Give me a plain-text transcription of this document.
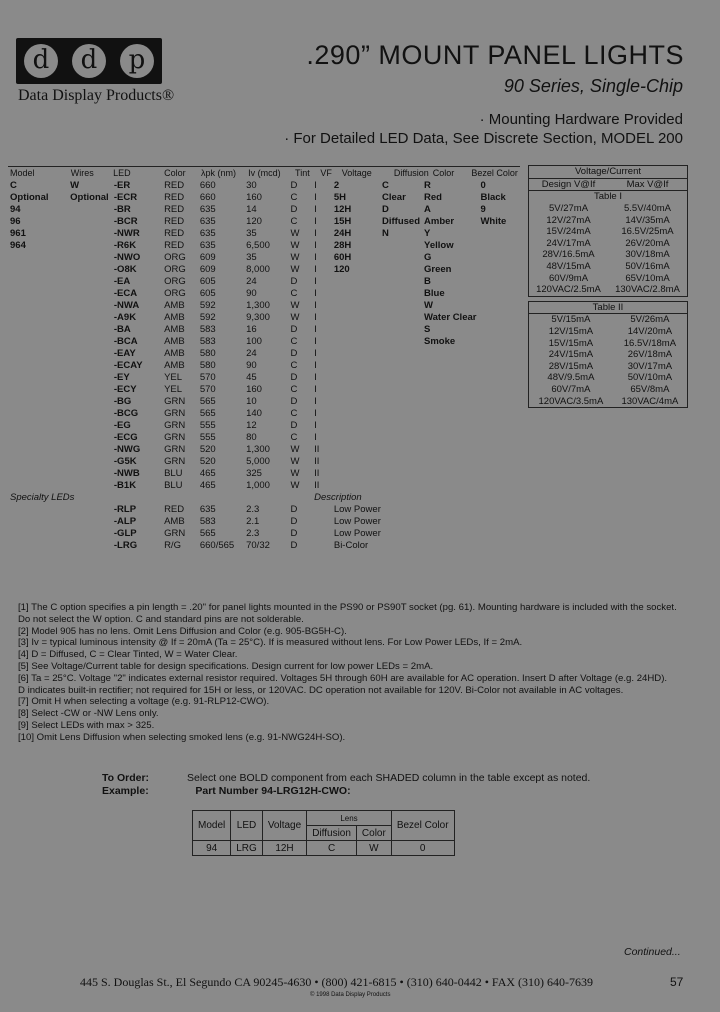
d	d	p
Data Display Products®
.290” MOUNT PANEL LIGHTS
90 Series, Single-Chip
· Mounting Hardware Provided
· For Detailed LED Data, See Discrete Section, MODEL 200
Model	Wires	LED	Color	λpk (nm)	Iv (mcd)	Tint	VF	Voltage	Diffusion	Color	Bezel Color
C	W	-ER	RED	660	30	D	I	2	C	R	0
Optional	Optional	-ECR	RED	660	160	C	I	5H	Clear	Red	Black
94		-BR	RED	635	14	D	I	12H	D	A	9
96		-BCR	RED	635	120	C	I	15H	Diffused	Amber	White
961		-NWR	RED	635	35	W	I	24H	N	Y	
964		-R6K	RED	635	6,500	W	I	28H		Yellow	
		-NWO	ORG	609	35	W	I	60H		G	
		-O8K	ORG	609	8,000	W	I	120		Green	
		-EA	ORG	605	24	D	I			B	
		-ECA	ORG	605	90	C	I			Blue	
		-NWA	AMB	592	1,300	W	I			W	
		-A9K	AMB	592	9,300	W	I			Water Clear	
		-BA	AMB	583	16	D	I			S	
		-BCA	AMB	583	100	C	I			Smoke	
		-EAY	AMB	580	24	D	I				
		-ECAY	AMB	580	90	C	I				
		-EY	YEL	570	45	D	I				
		-ECY	YEL	570	160	C	I				
		-BG	GRN	565	10	D	I				
		-BCG	GRN	565	140	C	I				
		-EG	GRN	555	12	D	I				
		-ECG	GRN	555	80	C	I				
		-NWG	GRN	520	1,300	W	II				
		-G5K	GRN	520	5,000	W	II				
		-NWB	BLU	465	325	W	II				
		-B1K	BLU	465	1,000	W	II				
Specialty LEDs							Description				
		-RLP	RED	635	2.3	D		Low Power			
		-ALP	AMB	583	2.1	D		Low Power			
		-GLP	GRN	565	2.3	D		Low Power			
		-LRG	R/G	660/565	70/32	D		Bi-Color			
Voltage/Current	
Design V@If	Max V@If
Table I	
5V/27mA	5.5V/40mA
12V/27mA	14V/35mA
15V/24mA	16.5V/25mA
24V/17mA	26V/20mA
28V/16.5mA	30V/18mA
48V/15mA	50V/16mA
60V/9mA	65V/10mA
120VAC/2.5mA	130VAC/2.8mA
Table II	
5V/15mA	5V/26mA
12V/15mA	14V/20mA
15V/15mA	16.5V/18mA
24V/15mA	26V/18mA
28V/15mA	30V/17mA
48V/9.5mA	50V/10mA
60V/7mA	65V/8mA
120VAC/3.5mA	130VAC/4mA
[1] The C option specifies a pin length = .20" for panel lights mounted in the PS90 or PS90T socket (pg. 61). Mounting hardware is included with the socket.
Do not select the W option. C and standard pins are not solderable.
[2] Model 905 has no lens. Omit Lens Diffusion and Color (e.g. 905-BG5H-C).
[3] Iv = typical luminous intensity @ If = 20mA (Ta = 25°C). If is measured without lens. For Low Power LEDs, If = 2mA.
[4] D = Diffused, C = Clear Tinted, W = Water Clear.
[5] See Voltage/Current table for design specifications. Design current for low power LEDs = 2mA.
[6] Ta = 25°C. Voltage "2" indicates external resistor required. Voltages 5H through 60H are available for AC operation. Insert D after Voltage (e.g. 24HD).
D indicates built-in rectifier; not required for 15H or less, or 120VAC. DC operation not available for 120V. Bi-Color not available in AC voltages.
[7] Omit H when selecting a voltage (e.g. 91-RLP12-CWO).
[8] Select -CW or -NW Lens only.
[9] Select LEDs with max > 325.
[10] Omit Lens Diffusion when selecting smoked lens (e.g. 91-NWG24H-SO).
To Order:	Select one BOLD component from each SHADED column in the table except as noted.
Example:	Part Number 94-LRG12H-CWO:
Model	LED	Voltage	Lens		Bezel Color
			Diffusion	Color	
94	LRG	12H	C	W	0
Continued...
445 S. Douglas St., El Segundo CA 90245-4630 • (800) 421-6815 • (310) 640-0442 • FAX (310) 640-7639
© 1998 Data Display Products
57
